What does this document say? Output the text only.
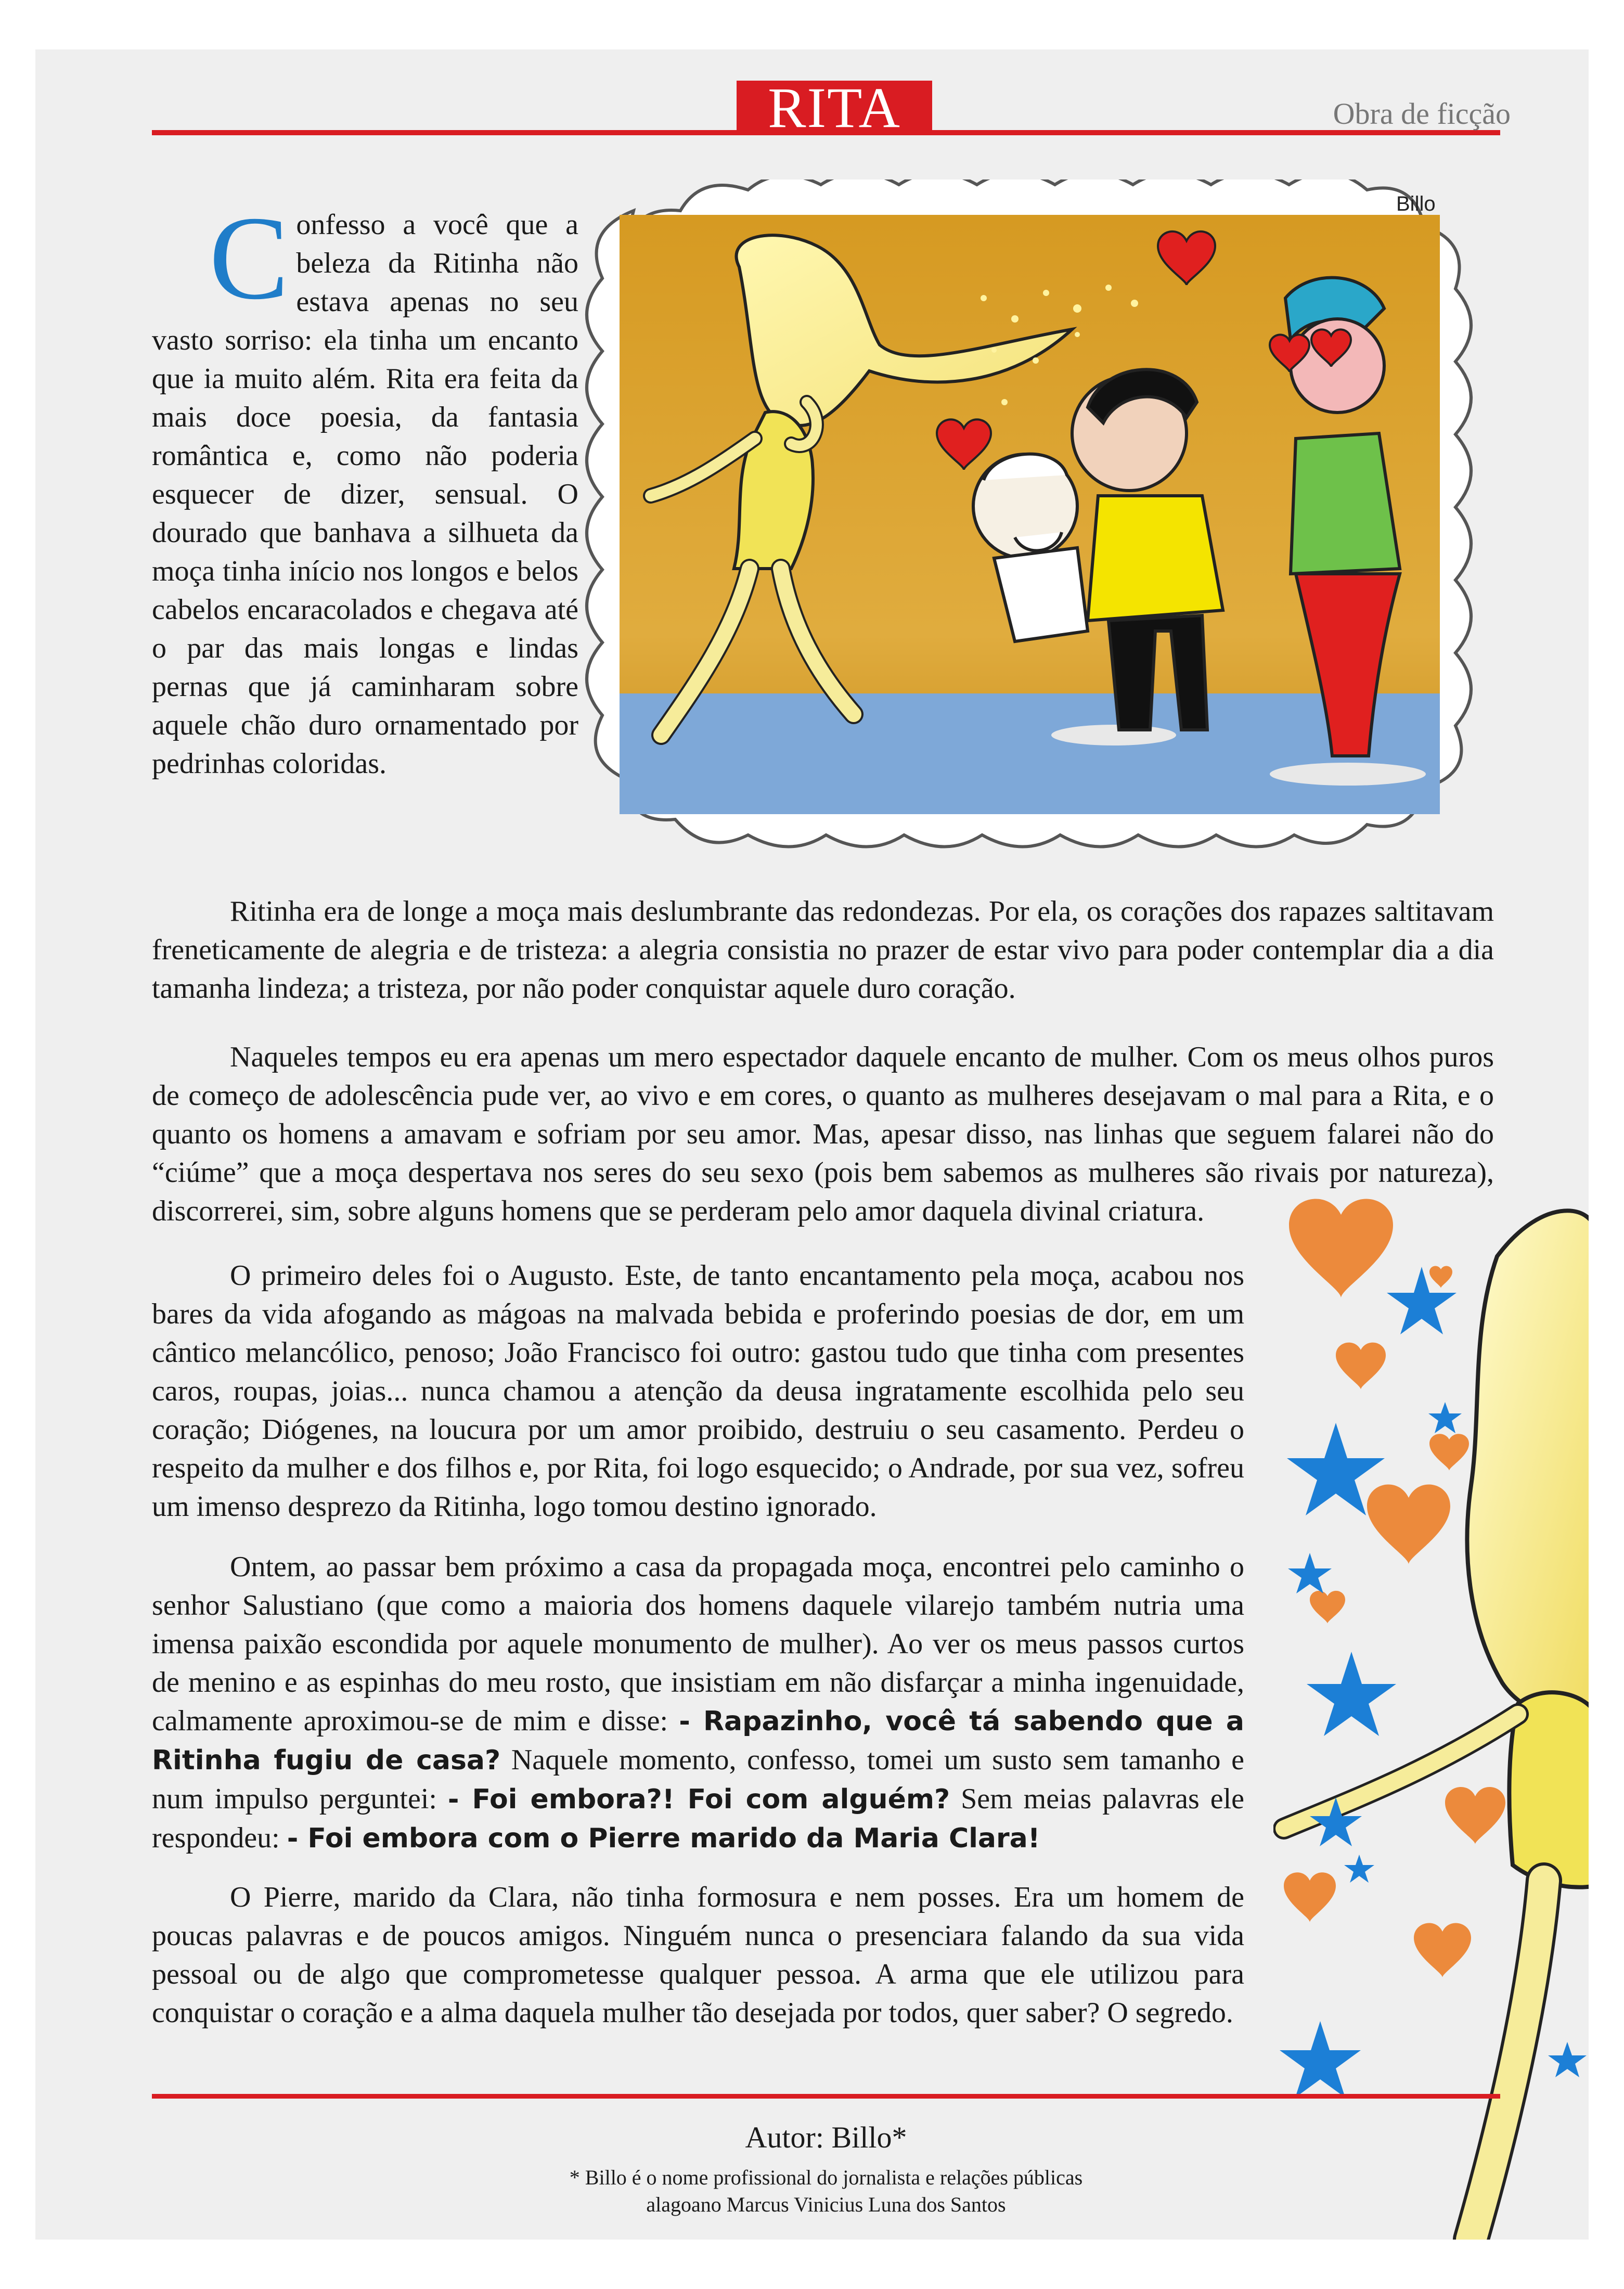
RITA	Obra de ficção
Billo

Confesso a você que a beleza da Ritinha não estava apenas no seu vasto sorriso: ela tinha um encanto que ia muito além. Rita era feita da mais doce poesia, da fantasia romântica e, como não poderia esquecer de dizer, sensual. O dourado que banhava a silhueta da moça tinha início nos longos e belos cabelos encaracolados e chegava até o par das mais longas e lindas pernas que já caminharam sobre aquele chão duro ornamentado por pedrinhas coloridas.

Ritinha era de longe a moça mais deslumbrante das redondezas. Por ela, os corações dos rapazes saltitavam freneticamente de alegria e de tristeza: a alegria consistia no prazer de estar vivo para poder contemplar dia a dia tamanha lindeza; a tristeza, por não poder conquistar aquele duro coração.

Naqueles tempos eu era apenas um mero espectador daquele encanto de mulher. Com os meus olhos puros de começo de adolescência pude ver, ao vivo e em cores, o quanto as mulheres desejavam o mal para a Rita, e o quanto os homens a amavam e sofriam por seu amor. Mas, apesar disso, nas linhas que seguem falarei não do “ciúme” que a moça despertava nos seres do seu sexo (pois bem sabemos as mulheres são rivais por natureza), discorrerei, sim, sobre alguns homens que se perderam pelo amor daquela divinal criatura.

O primeiro deles foi o Augusto. Este, de tanto encantamento pela moça, acabou nos bares da vida afogando as mágoas na malvada bebida e proferindo poesias de dor, em um cântico melancólico, penoso; João Francisco foi outro: gastou tudo que tinha com presentes caros, roupas, joias... nunca chamou a atenção da deusa ingratamente escolhida pelo seu coração; Diógenes, na loucura por um amor proibido, destruiu o seu casamento. Perdeu o respeito da mulher e dos filhos e, por Rita, foi logo esquecido; o Andrade, por sua vez, sofreu um imenso desprezo da Ritinha, logo tomou destino ignorado.

Ontem, ao passar bem próximo a casa da propagada moça, encontrei pelo caminho o senhor Salustiano (que como a maioria dos homens daquele vilarejo também nutria uma imensa paixão escondida por aquele monumento de mulher). Ao ver os meus passos curtos de menino e as espinhas do meu rosto, que insistiam em não disfarçar a minha ingenuidade, calmamente aproximou-se de mim e disse: - Rapazinho, você tá sabendo que a Ritinha fugiu de casa? Naquele momento, confesso, tomei um susto sem tamanho e num impulso perguntei: - Foi embora?! Foi com alguém? Sem meias palavras ele respondeu: - Foi embora com o Pierre marido da Maria Clara!

O Pierre, marido da Clara, não tinha formosura e nem posses. Era um homem de poucas palavras e de poucos amigos. Ninguém nunca o presenciara falando da sua vida pessoal ou de algo que comprometesse qualquer pessoa. A arma que ele utilizou para conquistar o coração e a alma daquela mulher tão desejada por todos, quer saber? O segredo.

Autor: Billo*
* Billo é o nome profissional do jornalista e relações públicas
alagoano Marcus Vinicius Luna dos Santos
